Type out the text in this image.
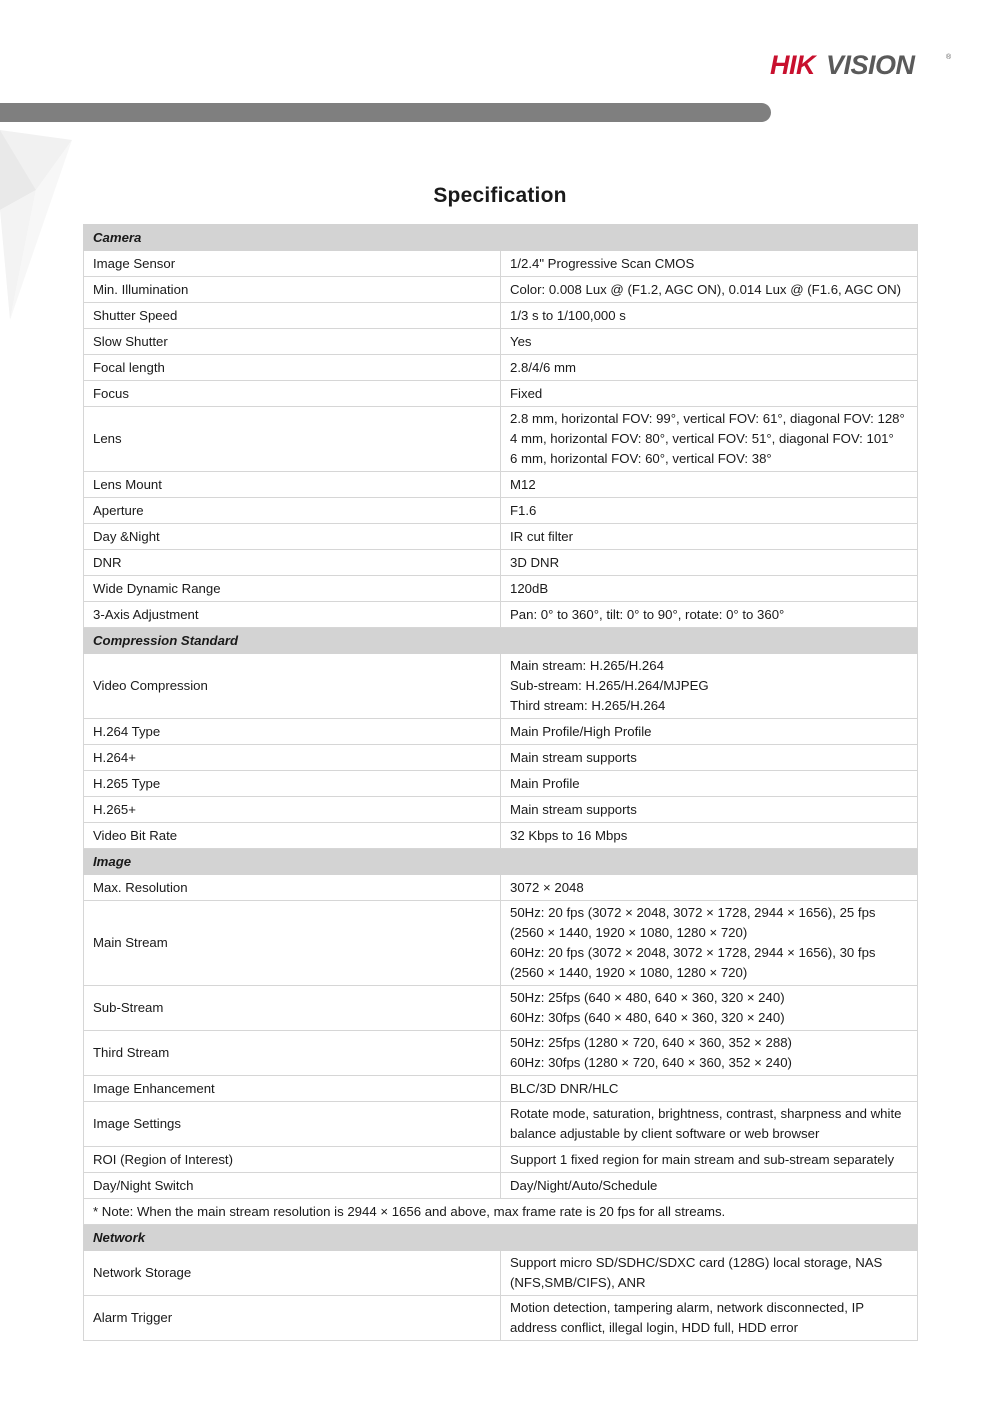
HIK VISION	®
Specification
Camera	
Image Sensor	1/2.4" Progressive Scan CMOS

Min. Illumination	Color: 0.008 Lux @ (F1.2, AGC ON), 0.014 Lux @ (F1.6, AGC ON)

Shutter Speed	1/3 s to 1/100,000 s

Slow Shutter	Yes

Focal length	2.8/4/6 mm

Focus	Fixed

Lens	2.8 mm, horizontal FOV: 99°, vertical FOV: 61°, diagonal FOV: 128°
4 mm, horizontal FOV: 80°, vertical FOV: 51°, diagonal FOV: 101°
6 mm, horizontal FOV: 60°, vertical FOV: 38°

Lens Mount	M12

Aperture	F1.6

Day &Night	IR cut filter

DNR	3D DNR

Wide Dynamic Range	120dB

3-Axis Adjustment	Pan: 0° to 360°, tilt: 0° to 90°, rotate: 0° to 360°

Compression Standard	
Video Compression	Main stream: H.265/H.264
Sub-stream: H.265/H.264/MJPEG
Third stream: H.265/H.264

H.264 Type	Main Profile/High Profile

H.264+	Main stream supports

H.265 Type	Main Profile

H.265+	Main stream supports

Video Bit Rate	32 Kbps to 16 Mbps

Image	
Max. Resolution	3072 × 2048

Main Stream	50Hz: 20 fps (3072 × 2048, 3072 × 1728, 2944 × 1656), 25 fps (2560 × 1440, 1920 × 1080, 1280 × 720)
60Hz: 20 fps (3072 × 2048, 3072 × 1728, 2944 × 1656), 30 fps (2560 × 1440, 1920 × 1080, 1280 × 720)

Sub-Stream	50Hz: 25fps (640 × 480, 640 × 360, 320 × 240)
60Hz: 30fps (640 × 480, 640 × 360, 320 × 240)

Third Stream	50Hz: 25fps (1280 × 720, 640 × 360, 352 × 288)
60Hz: 30fps (1280 × 720, 640 × 360, 352 × 240)

Image Enhancement	BLC/3D DNR/HLC

Image Settings	Rotate mode, saturation, brightness, contrast, sharpness and white balance adjustable by client software or web browser

ROI (Region of Interest)	Support 1 fixed region for main stream and sub-stream separately

Day/Night Switch	Day/Night/Auto/Schedule

* Note: When the main stream resolution is 2944 × 1656 and above, max frame rate is 20 fps for all streams.	
Network	
Network Storage	Support micro SD/SDHC/SDXC card (128G) local storage, NAS (NFS,SMB/CIFS), ANR

Alarm Trigger	Motion detection, tampering alarm, network disconnected, IP address conflict, illegal login, HDD full, HDD error
